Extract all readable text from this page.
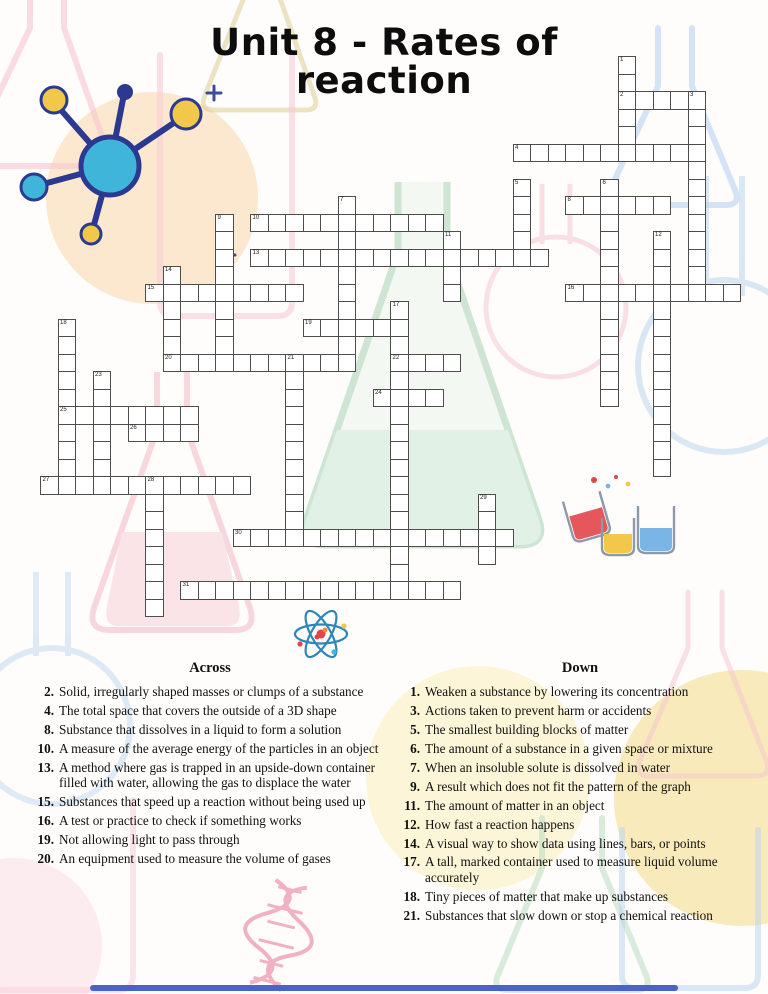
Unit 8 - Rates of
reaction	1
2	3
4
5	6
7	8
9	10
11	12
13
14
15	16
17
22
18
25
19
20	21
23
24
26
27	28
29
30
31
Across
2. Solid, irregularly shaped masses or clumps of a substance
4. The total space that covers the outside of a 3D shape
8. Substance that dissolves in a liquid to form a solution
10. A measure of the average energy of the particles in an object
13. A method where gas is trapped in an upside-down container filled with water, allowing the gas to displace the water
15. Substances that speed up a reaction without being used up
16. A test or practice to check if something works
19. Not allowing light to pass through
20. An equipment used to measure the volume of gases
Down
1. Weaken a substance by lowering its concentration
3. Actions taken to prevent harm or accidents
5. The smallest building blocks of matter
6. The amount of a substance in a given space or mixture
7. When an insoluble solute is dissolved in water
9. A result which does not fit the pattern of the graph
11. The amount of matter in an object
12. How fast a reaction happens
14. A visual way to show data using lines, bars, or points
17. A tall, marked container used to measure liquid volume accurately
18. Tiny pieces of matter that make up substances
21. Substances that slow down or stop a chemical reaction
